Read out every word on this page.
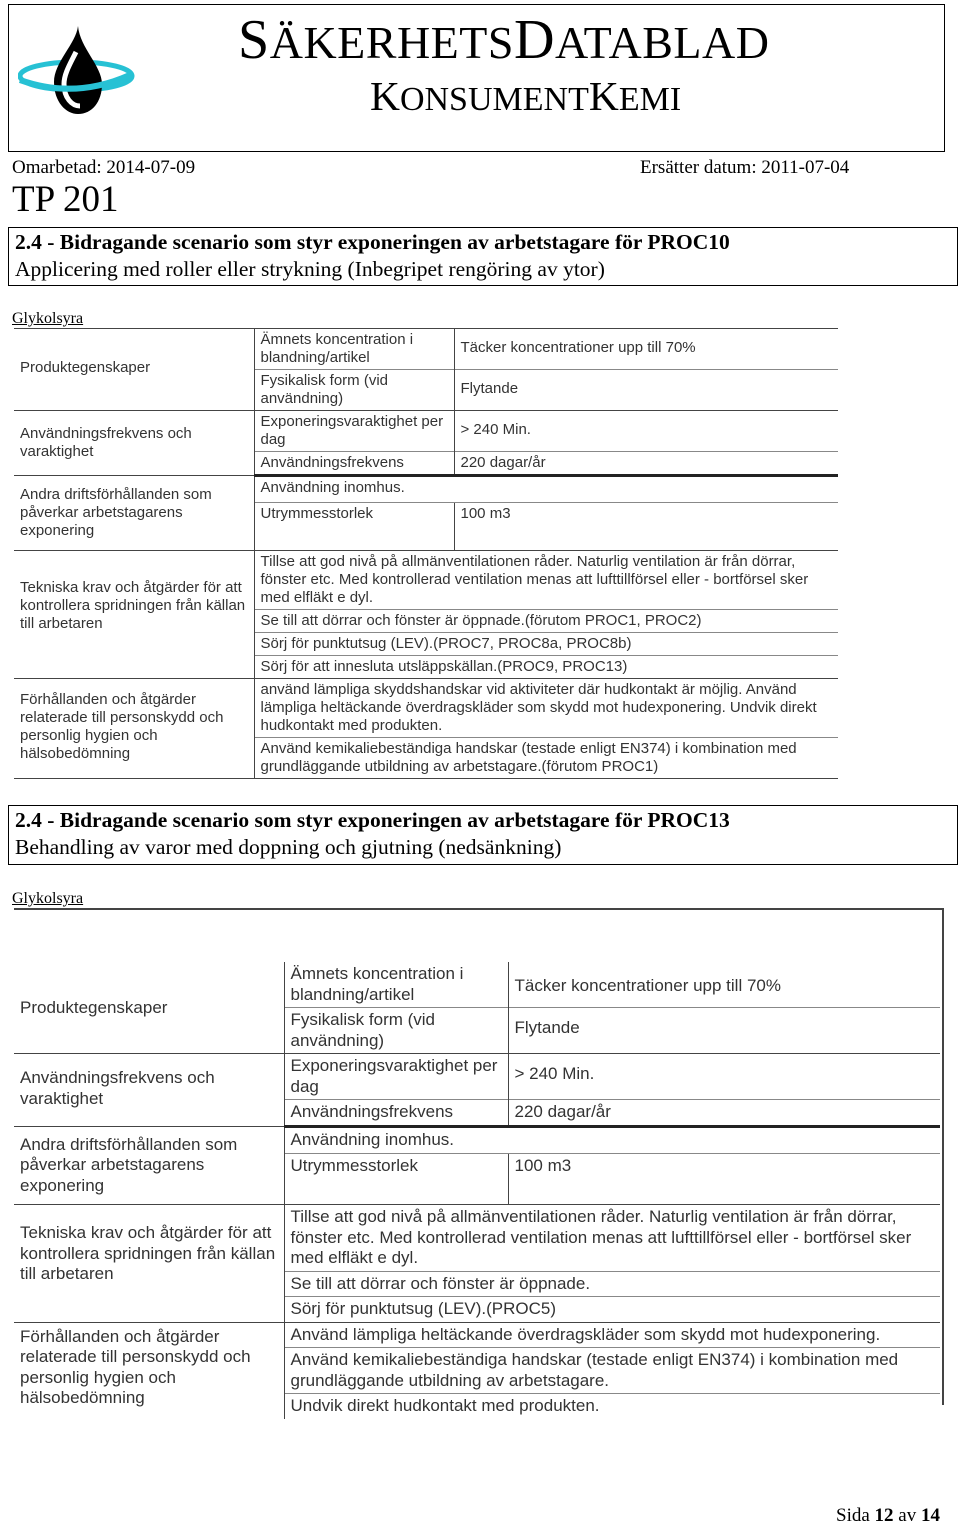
SÄKERHETSDATABLAD
KONSUMENTKEMI
Omarbetad: 2014-07-09	Ersätter datum: 2011-07-04
TP 201
2.4 - Bidragande scenario som styr exponeringen av arbetstagare för PROC10
Applicering med roller eller strykning (Inbegripet rengöring av ytor)
Glykolsyra
Produktegenskaper	Ämnets koncentration i blandning/artikel	Täcker koncentrationer upp till 70%
	Fysikalisk form (vid användning)	Flytande
Användningsfrekvens och varaktighet	Exponeringsvaraktighet per dag	> 240 Min.
	Användningsfrekvens	220 dagar/år
Andra driftsförhållanden som påverkar arbetstagarens exponering	Användning inomhus.	
	Utrymmesstorlek	100 m3
Tekniska krav och åtgärder för att kontrollera spridningen från källan till arbetaren	Tillse att god nivå på allmänventilationen råder. Naturlig ventilation är från dörrar, fönster etc. Med kontrollerad ventilation menas att lufttillförsel eller - bortförsel sker med elfläkt e dyl.	
	Se till att dörrar och fönster är öppnade.(förutom PROC1, PROC2)	
	Sörj för punktutsug (LEV).(PROC7, PROC8a, PROC8b)	
	Sörj för att innesluta utsläppskällan.(PROC9, PROC13)	
Förhållanden och åtgärder relaterade till personskydd och personlig hygien och hälsobedömning	använd lämpliga skyddshandskar vid aktiviteter där hudkontakt är möjlig. Använd lämpliga heltäckande överdragskläder som skydd mot hudexponering. Undvik direkt hudkontakt med produkten.	
	Använd kemikaliebeständiga handskar (testade enligt EN374) i kombination med grundläggande utbildning av arbetstagare.(förutom PROC1)	
2.4 - Bidragande scenario som styr exponeringen av arbetstagare för PROC13
Behandling av varor med doppning och gjutning (nedsänkning)
Glykolsyra
Produktegenskaper	Ämnets koncentration i blandning/artikel	Täcker koncentrationer upp till 70%
	Fysikalisk form (vid användning)	Flytande
Användningsfrekvens och varaktighet	Exponeringsvaraktighet per dag	> 240 Min.
	Användningsfrekvens	220 dagar/år
Andra driftsförhållanden som påverkar arbetstagarens exponering	Användning inomhus.	
	Utrymmesstorlek	100 m3
Tekniska krav och åtgärder för att kontrollera spridningen från källan till arbetaren	Tillse att god nivå på allmänventilationen råder. Naturlig ventilation är från dörrar, fönster etc. Med kontrollerad ventilation menas att lufttillförsel eller - bortförsel sker med elfläkt e dyl.	
	Se till att dörrar och fönster är öppnade.	
	Sörj för punktutsug (LEV).(PROC5)	
Förhållanden och åtgärder relaterade till personskydd och personlig hygien och hälsobedömning	Använd lämpliga heltäckande överdragskläder som skydd mot hudexponering.	
	Använd kemikaliebeständiga handskar (testade enligt EN374) i kombination med grundläggande utbildning av arbetstagare.	
	Undvik direkt hudkontakt med produkten.	
Sida 12 av 14
